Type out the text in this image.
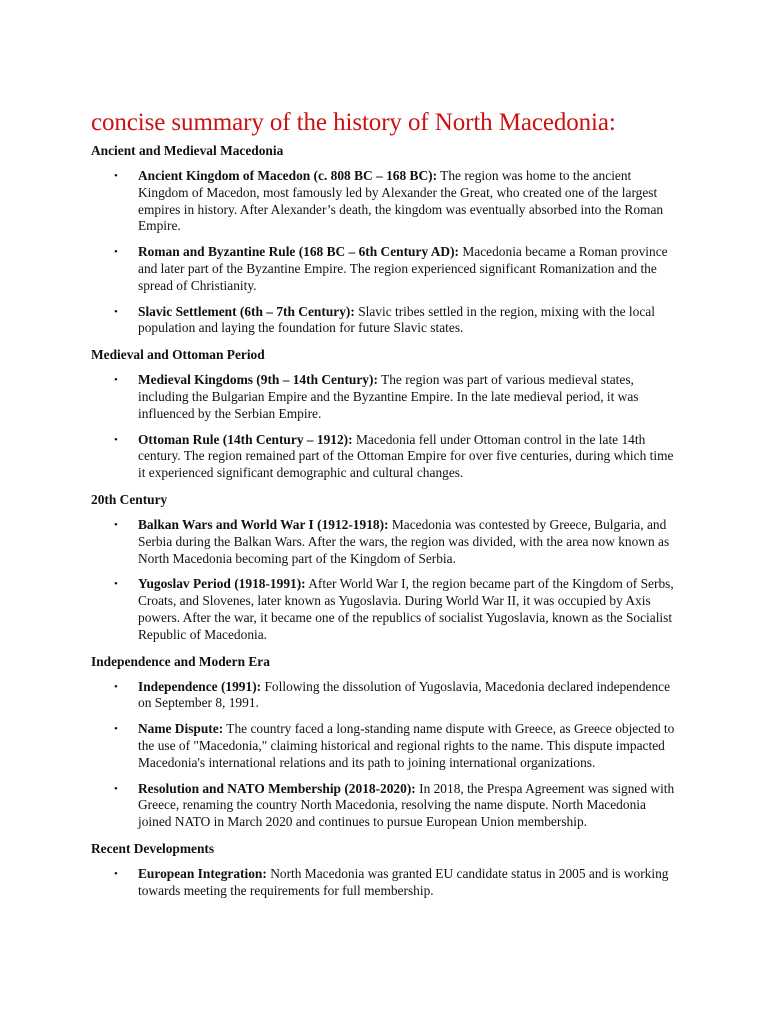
concise summary of the history of North Macedonia:
Ancient and Medieval Macedonia
• Ancient Kingdom of Macedon (c. 808 BC – 168 BC): The region was home to the ancient Kingdom of Macedon, most famously led by Alexander the Great, who created one of the largest empires in history. After Alexander’s death, the kingdom was eventually absorbed into the Roman Empire.
• Roman and Byzantine Rule (168 BC – 6th Century AD): Macedonia became a Roman province and later part of the Byzantine Empire. The region experienced significant Romanization and the spread of Christianity.
• Slavic Settlement (6th – 7th Century): Slavic tribes settled in the region, mixing with the local population and laying the foundation for future Slavic states.
Medieval and Ottoman Period
• Medieval Kingdoms (9th – 14th Century): The region was part of various medieval states, including the Bulgarian Empire and the Byzantine Empire. In the late medieval period, it was influenced by the Serbian Empire.
• Ottoman Rule (14th Century – 1912): Macedonia fell under Ottoman control in the late 14th century. The region remained part of the Ottoman Empire for over five centuries, during which time it experienced significant demographic and cultural changes.
20th Century
• Balkan Wars and World War I (1912-1918): Macedonia was contested by Greece, Bulgaria, and Serbia during the Balkan Wars. After the wars, the region was divided, with the area now known as North Macedonia becoming part of the Kingdom of Serbia.
• Yugoslav Period (1918-1991): After World War I, the region became part of the Kingdom of Serbs, Croats, and Slovenes, later known as Yugoslavia. During World War II, it was occupied by Axis powers. After the war, it became one of the republics of socialist Yugoslavia, known as the Socialist Republic of Macedonia.
Independence and Modern Era
• Independence (1991): Following the dissolution of Yugoslavia, Macedonia declared independence on September 8, 1991.
• Name Dispute: The country faced a long-standing name dispute with Greece, as Greece objected to the use of "Macedonia," claiming historical and regional rights to the name. This dispute impacted Macedonia's international relations and its path to joining international organizations.
• Resolution and NATO Membership (2018-2020): In 2018, the Prespa Agreement was signed with Greece, renaming the country North Macedonia, resolving the name dispute. North Macedonia joined NATO in March 2020 and continues to pursue European Union membership.
Recent Developments
• European Integration: North Macedonia was granted EU candidate status in 2005 and is working towards meeting the requirements for full membership.
